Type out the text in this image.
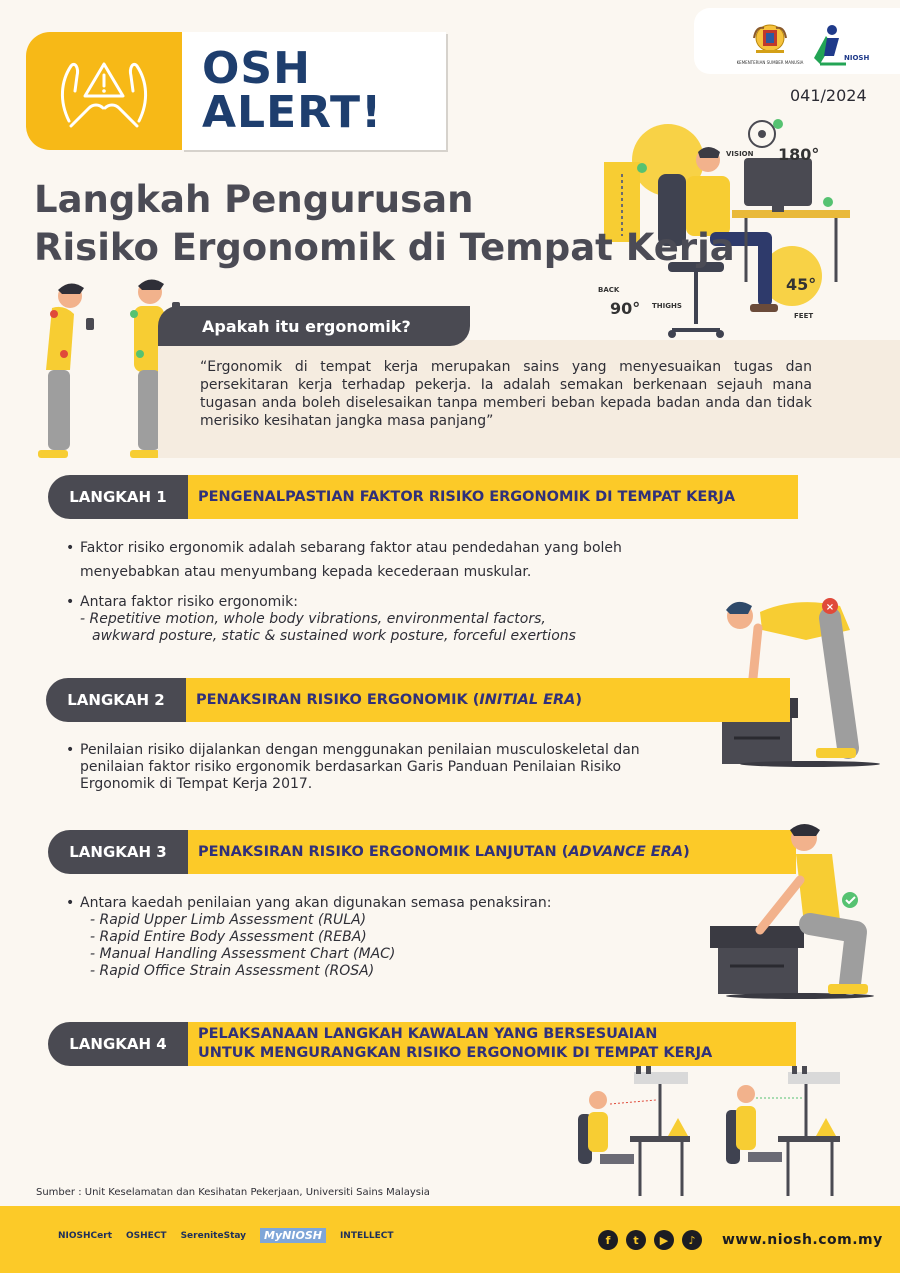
OSH
ALERT!
KEMENTERIAN SUMBER MANUSIA
NIOSH
041/2024
VISION 180°
BACK
90° THIGHS
45°
FEET
Langkah Pengurusan
Risiko Ergonomik di Tempat Kerja
Apakah itu ergonomik?
“Ergonomik di tempat kerja merupakan sains yang menyesuaikan tugas dan persekitaran kerja terhadap pekerja. Ia adalah semakan berkenaan sejauh mana tugasan anda boleh diselesaikan tanpa memberi beban kepada badan anda dan tidak merisiko kesihatan jangka masa panjang”
LANGKAH 1	PENGENALPASTIAN FAKTOR RISIKO ERGONOMIK DI TEMPAT KERJA
• Faktor risiko ergonomik adalah sebarang faktor atau pendedahan yang boleh
menyebabkan atau menyumbang kepada kecederaan muskular.
• Antara faktor risiko ergonomik:
- Repetitive motion, whole body vibrations, environmental factors,
awkward posture, static & sustained work posture, forceful exertions
×
LANGKAH 2	PENAKSIRAN RISIKO ERGONOMIK (INITIAL ERA)
• Penilaian risiko dijalankan dengan menggunakan penilaian musculoskeletal dan
penilaian faktor risiko ergonomik berdasarkan Garis Panduan Penilaian Risiko
Ergonomik di Tempat Kerja 2017.
LANGKAH 3	PENAKSIRAN RISIKO ERGONOMIK LANJUTAN (ADVANCE ERA)
• Antara kaedah penilaian yang akan digunakan semasa penaksiran:
- Rapid Upper Limb Assessment (RULA)
- Rapid Entire Body Assessment (REBA)
- Manual Handling Assessment Chart (MAC)
- Rapid Office Strain Assessment (ROSA)
LANGKAH 4
PELAKSANAAN LANGKAH KAWALAN YANG BERSESUAIAN
UNTUK MENGURANGKAN RISIKO ERGONOMIK DI TEMPAT KERJA
Sumber : Unit Keselamatan dan Kesihatan Pekerjaan, Universiti Sains Malaysia
NIOSHCert OSHECT SereniteStay	MyNIOSH	INTELLECT	f	t	▶	♪	www.niosh.com.my
